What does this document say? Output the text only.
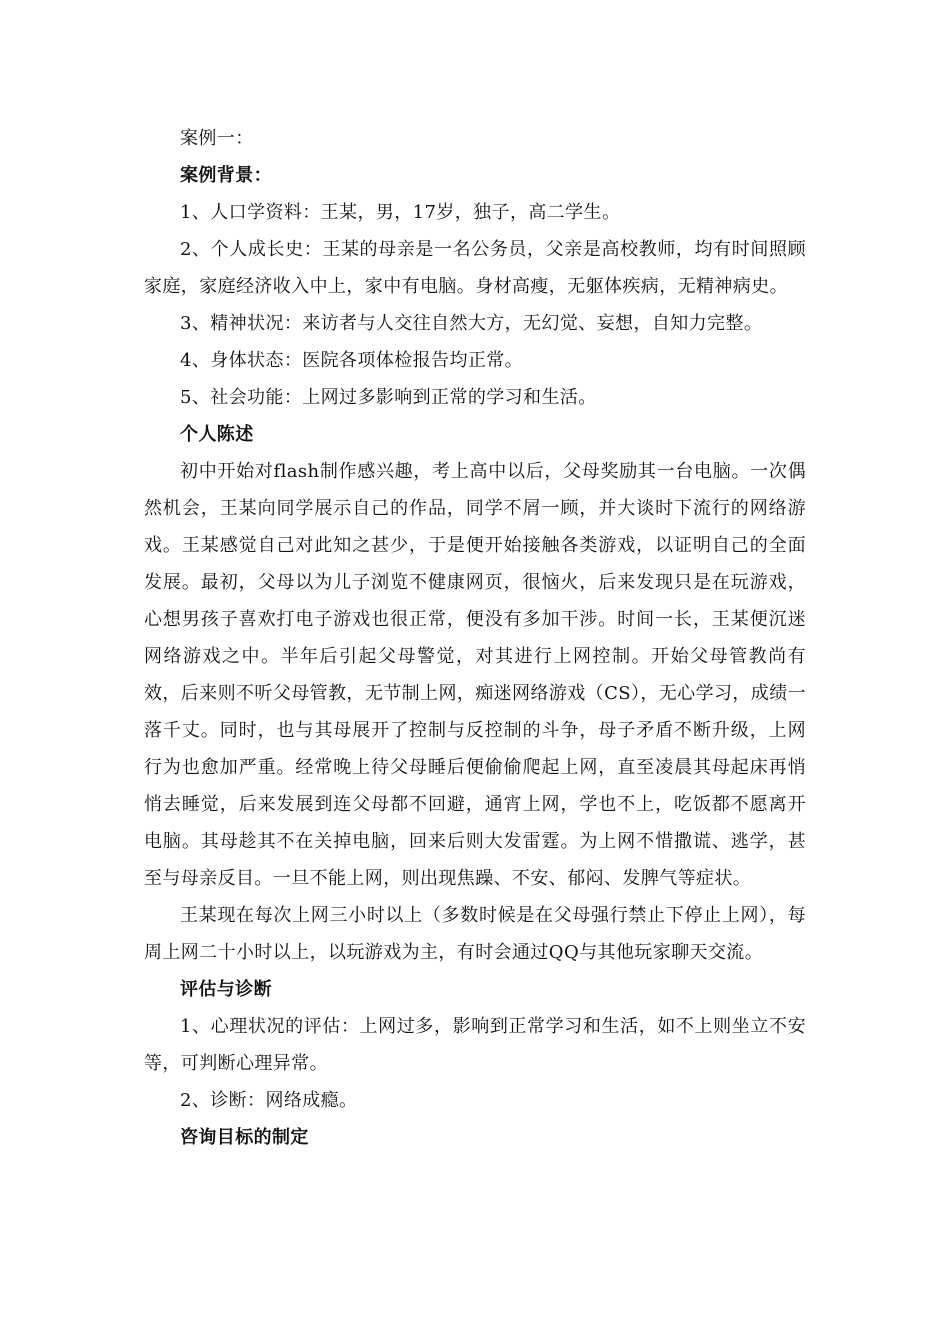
案例一：

案例背景：

1、人口学资料：王某，男，17岁，独子，高二学生。

2、个人成长史：王某的母亲是一名公务员，父亲是高校教师，均有时间照顾家庭，家庭经济收入中上，家中有电脑。身材高瘦，无躯体疾病，无精神病史。

3、精神状况：来访者与人交往自然大方，无幻觉、妄想，自知力完整。

4、身体状态：医院各项体检报告均正常。

5、社会功能：上网过多影响到正常的学习和生活。

个人陈述

初中开始对flash制作感兴趣，考上高中以后，父母奖励其一台电脑。一次偶然机会，王某向同学展示自己的作品，同学不屑一顾，并大谈时下流行的网络游戏。王某感觉自己对此知之甚少，于是便开始接触各类游戏，以证明自己的全面发展。最初，父母以为儿子浏览不健康网页，很恼火，后来发现只是在玩游戏，心想男孩子喜欢打电子游戏也很正常，便没有多加干涉。时间一长，王某便沉迷网络游戏之中。半年后引起父母警觉，对其进行上网控制。开始父母管教尚有效，后来则不听父母管教，无节制上网，痴迷网络游戏（CS），无心学习，成绩一落千丈。同时，也与其母展开了控制与反控制的斗争，母子矛盾不断升级，上网行为也愈加严重。经常晚上待父母睡后便偷偷爬起上网，直至凌晨其母起床再悄悄去睡觉，后来发展到连父母都不回避，通宵上网，学也不上，吃饭都不愿离开电脑。其母趁其不在关掉电脑，回来后则大发雷霆。为上网不惜撒谎、逃学，甚至与母亲反目。一旦不能上网，则出现焦躁、不安、郁闷、发脾气等症状。

王某现在每次上网三小时以上（多数时候是在父母强行禁止下停止上网），每周上网二十小时以上，以玩游戏为主，有时会通过QQ与其他玩家聊天交流。

评估与诊断

1、心理状况的评估：上网过多，影响到正常学习和生活，如不上则坐立不安等，可判断心理异常。

2、诊断：网络成瘾。

咨询目标的制定
